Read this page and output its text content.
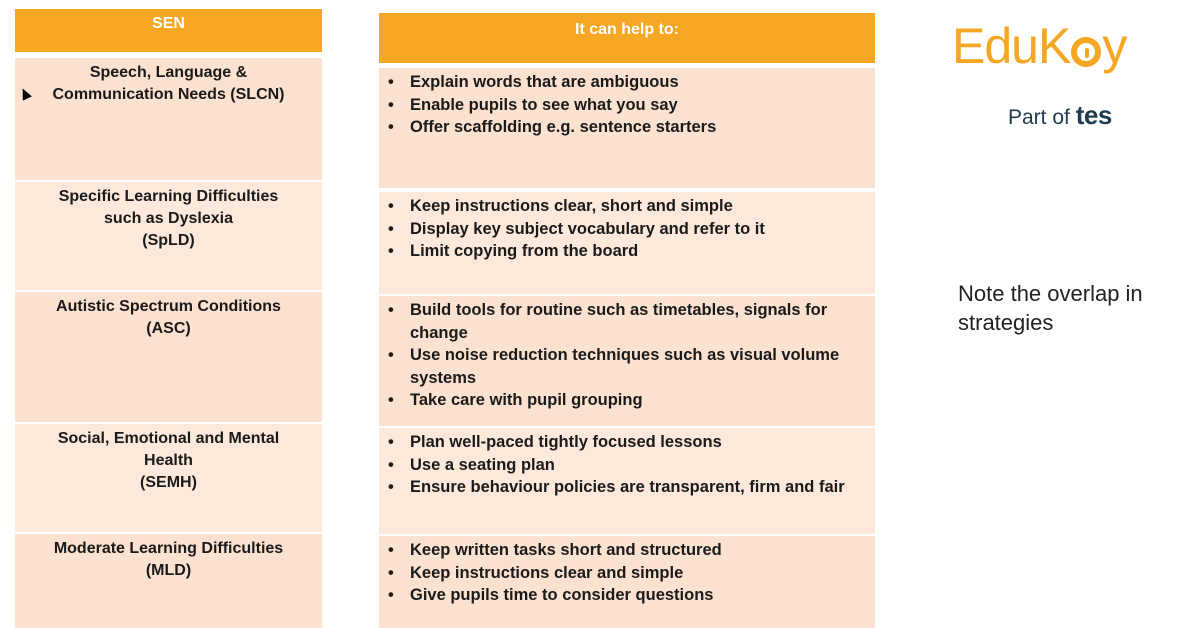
SEN	It can help to:
Speech, Language &
Communication Needs (SLCN)
• Explain words that are ambiguous
• Enable pupils to see what you say
• Offer scaffolding e.g. sentence starters
Specific Learning Difficulties
such as Dyslexia
(SpLD)
• Keep instructions clear, short and simple
• Display key subject vocabulary and refer to it
• Limit copying from the board
Autistic Spectrum Conditions
(ASC)
• Build tools for routine such as timetables, signals for change
• Use noise reduction techniques such as visual volume systems
• Take care with pupil grouping
Social, Emotional and Mental
Health
(SEMH)
• Plan well-paced tightly focused lessons
• Use a seating plan
• Ensure behaviour policies are transparent, firm and fair
Moderate Learning Difficulties
(MLD)
• Keep written tasks short and structured
• Keep instructions clear and simple
• Give pupils time to consider questions
EduK y
Part of tes
Note the overlap in strategies
